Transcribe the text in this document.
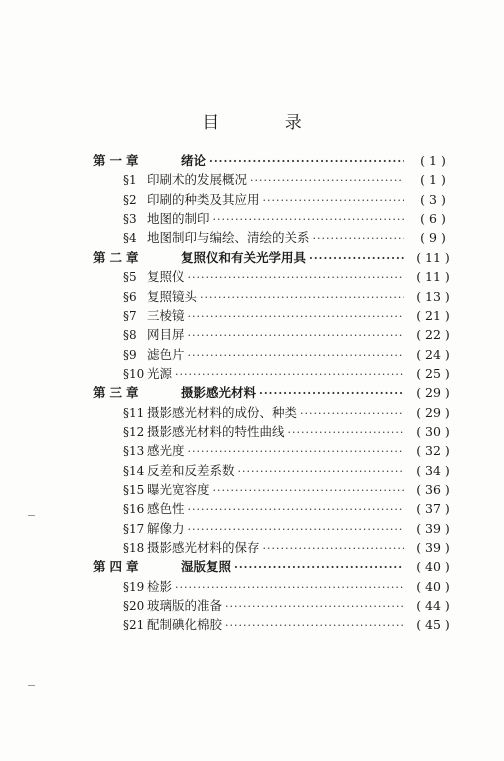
目 录
第一章	绪论 ·····	( 1 )
§1 印刷术的发展概况 ·····	( 1 )
§2 印刷的种类及其应用 ·····	( 3 )
§3 地图的制印 ·····	( 6 )
§4 地图制印与编绘、清绘的关系 ·····	( 9 )
第二章	复照仪和有关光学用具 ·····	( 11 )
§5 复照仪 ·····	( 11 )
§6 复照镜头 ·····	( 13 )
§7 三棱镜 ·····	( 21 )
§8 网目屏 ·····	( 22 )
§9 滤色片 ·····	( 24 )
§10 光源 ·····	( 25 )
第三章	摄影感光材料 ·····	( 29 )
§11 摄影感光材料的成份、种类 ·····	( 29 )
§12 摄影感光材料的特性曲线 ·····	( 30 )
§13 感光度 ·····	( 32 )
§14 反差和反差系数 ·····	( 34 )
§15 曝光宽容度 ·····	( 36 )
§16 感色性 ·····	( 37 )
§17 解像力 ·····	( 39 )
§18 摄影感光材料的保存 ·····	( 39 )
第四章	湿版复照 ·····	( 40 )
§19 检影 ·····	( 40 )
§20 玻璃版的准备 ·····	( 44 )
§21 配制碘化棉胶 ·····	( 45 )
